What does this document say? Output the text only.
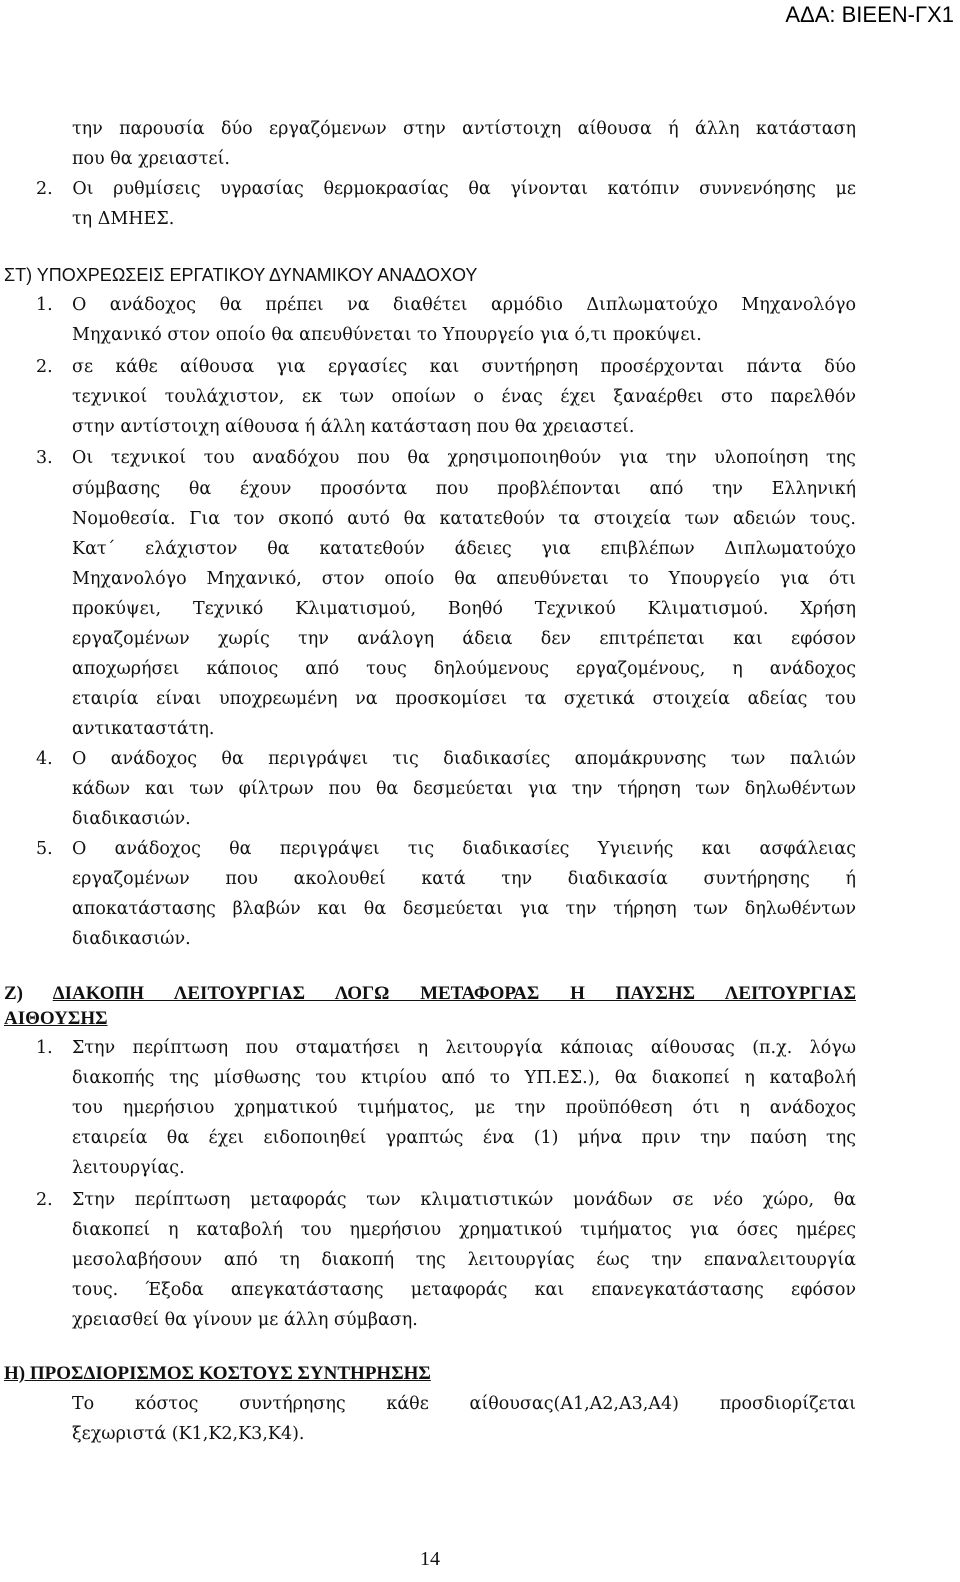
ΑΔΑ: ΒΙΕΕΝ-ΓΧ1
την παρουσία δύο εργαζόμενων στην αντίστοιχη αίθουσα ή άλλη κατάσταση
που θα χρειαστεί.
2. Οι ρυθμίσεις υγρασίας θερμοκρασίας θα γίνονται κατόπιν συννενόησης με
τη ΔΜΗΕΣ.
ΣΤ) ΥΠΟΧΡΕΩΣΕΙΣ ΕΡΓΑΤΙΚΟΥ ΔΥΝΑΜΙΚΟΥ ΑΝΑΔΟΧΟΥ
1. Ο ανάδοχος θα πρέπει να διαθέτει αρμόδιο Διπλωματούχο Μηχανολόγο
Μηχανικό στον οποίο θα απευθύνεται το Υπουργείο για ό,τι προκύψει.
2. σε κάθε αίθουσα για εργασίες και συντήρηση προσέρχονται πάντα δύο
τεχνικοί τουλάχιστον, εκ των οποίων ο ένας έχει ξαναέρθει στο παρελθόν
στην αντίστοιχη αίθουσα ή άλλη κατάσταση που θα χρειαστεί.
3. Οι τεχνικοί του αναδόχου που θα χρησιμοποιηθούν για την υλοποίηση της
σύμβασης θα έχουν προσόντα που προβλέπονται από την Ελληνική
Νομοθεσία. Για τον σκοπό αυτό θα κατατεθούν τα στοιχεία των αδειών τους.
Κατ΄ ελάχιστον θα κατατεθούν άδειες για επιβλέπων Διπλωματούχο
Μηχανολόγο Μηχανικό, στον οποίο θα απευθύνεται το Υπουργείο για ότι
προκύψει, Τεχνικό Κλιματισμού, Βοηθό Τεχνικού Κλιματισμού. Χρήση
εργαζομένων χωρίς την ανάλογη άδεια δεν επιτρέπεται και εφόσον
αποχωρήσει κάποιος από τους δηλούμενους εργαζομένους, η ανάδοχος
εταιρία είναι υποχρεωμένη να προσκομίσει τα σχετικά στοιχεία αδείας του
αντικαταστάτη.
4. Ο ανάδοχος θα περιγράψει τις διαδικασίες απομάκρυνσης των παλιών
κάδων και των φίλτρων που θα δεσμεύεται για την τήρηση των δηλωθέντων
διαδικασιών.
5. Ο ανάδοχος θα περιγράψει τις διαδικασίες Υγιεινής και ασφάλειας
εργαζομένων που ακολουθεί κατά την διαδικασία συντήρησης ή
αποκατάστασης βλαβών και θα δεσμεύεται για την τήρηση των δηλωθέντων
διαδικασιών.
Ζ) ΔΙΑΚΟΠΗ ΛΕΙΤΟΥΡΓΙΑΣ ΛΟΓΩ ΜΕΤΑΦΟΡΑΣ Η ΠΑΥΣΗΣ ΛΕΙΤΟΥΡΓΙΑΣ
ΑΙΘΟΥΣΗΣ
1. Στην περίπτωση που σταματήσει η λειτουργία κάποιας αίθουσας (π.χ. λόγω
διακοπής της μίσθωσης του κτιρίου από το ΥΠ.ΕΣ.), θα διακοπεί η καταβολή
του ημερήσιου χρηματικού τιμήματος, με την προϋπόθεση ότι η ανάδοχος
εταιρεία θα έχει ειδοποιηθεί γραπτώς ένα (1) μήνα πριν την παύση της
λειτουργίας.
2. Στην περίπτωση μεταφοράς των κλιματιστικών μονάδων σε νέο χώρο, θα
διακοπεί η καταβολή του ημερήσιου χρηματικού τιμήματος για όσες ημέρες
μεσολαβήσουν από τη διακοπή της λειτουργίας έως την επαναλειτουργία
τους. Έξοδα απεγκατάστασης μεταφοράς και επανεγκατάστασης εφόσον
χρειασθεί θα γίνουν με άλλη σύμβαση.
Η) ΠΡΟΣΔΙΟΡΙΣΜΟΣ ΚΟΣΤΟΥΣ ΣΥΝΤΗΡΗΣΗΣ
Το κόστος συντήρησης κάθε αίθουσας(Α1,Α2,Α3,Α4) προσδιορίζεται
ξεχωριστά (Κ1,Κ2,Κ3,Κ4).
14
